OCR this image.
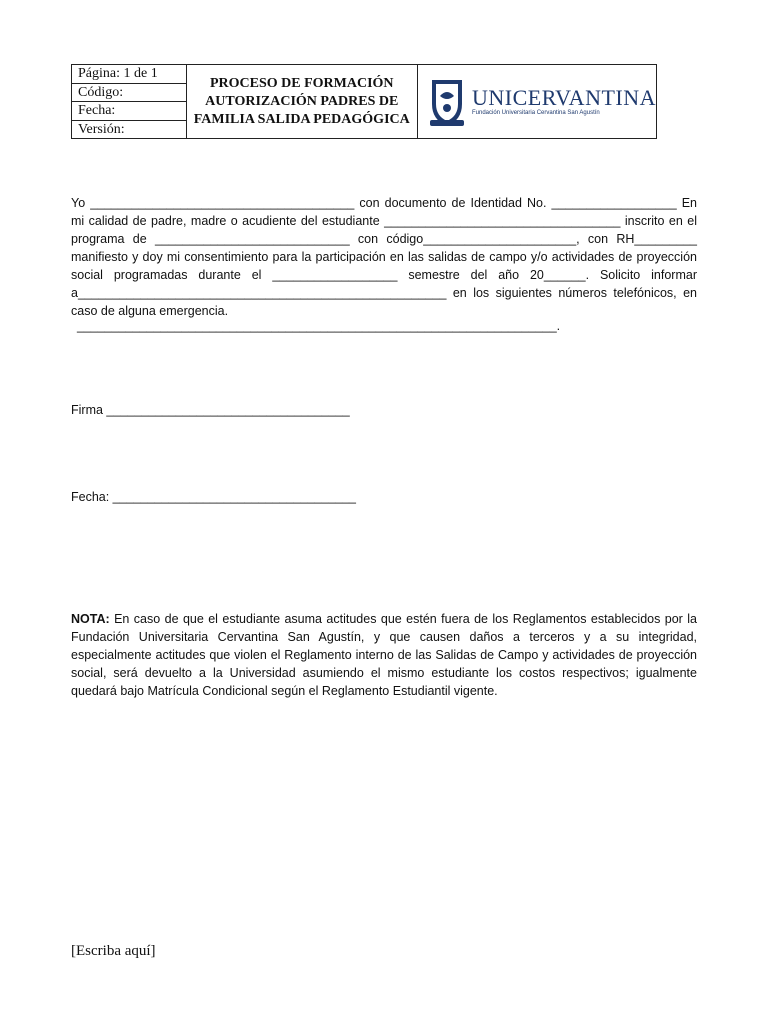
Página: 1 de 1
Código:
Fecha:
Versión:
PROCESO DE FORMACIÓN
AUTORIZACIÓN PADRES DE
FAMILIA SALIDA PEDAGÓGICA
UNICERVANTINA
Fundación Universitaria Cervantina San Agustín

Yo ______________________________________ con documento de Identidad No. __________________ En mi calidad de padre, madre o acudiente del estudiante __________________________________ inscrito en el programa de ____________________________ con código______________________, con RH_________ manifiesto y doy mi consentimiento para la participación en las salidas de campo y/o actividades de proyección social programadas durante el __________________ semestre del año 20______. Solicito informar a_____________________________________________________ en los siguientes números telefónicos, en caso de alguna emergencia.

_____________________________________________________________________.
Firma ___________________________________
Fecha: ___________________________________
NOTA: En caso de que el estudiante asuma actitudes que estén fuera de los Reglamentos establecidos por la Fundación Universitaria Cervantina San Agustín, y que causen daños a terceros y a su integridad, especialmente actitudes que violen el Reglamento interno de las Salidas de Campo y actividades de proyección social, será devuelto a la Universidad asumiendo el mismo estudiante los costos respectivos; igualmente quedará bajo Matrícula Condicional según el Reglamento Estudiantil vigente.
[Escriba aquí]
